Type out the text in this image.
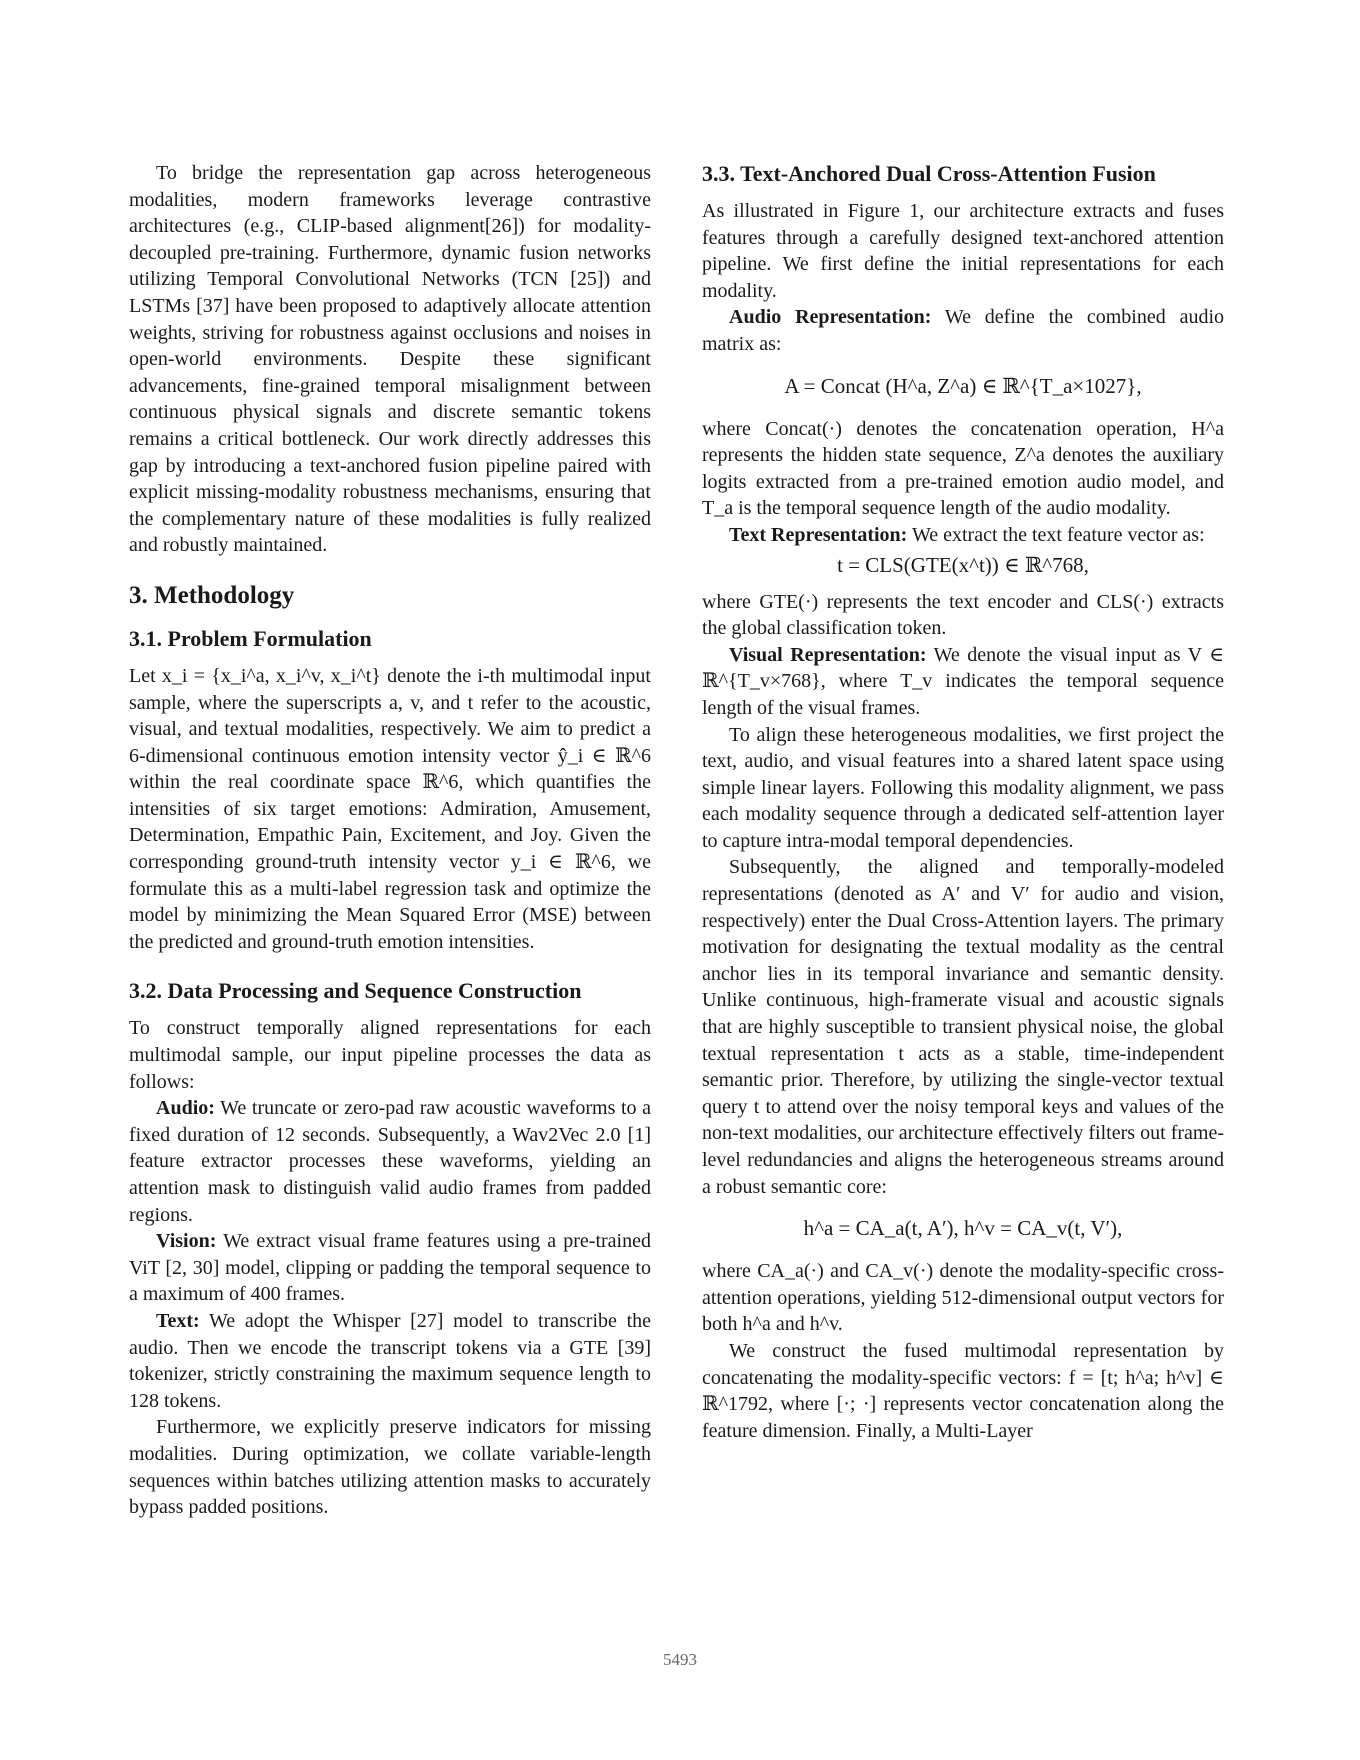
To bridge the representation gap across heterogeneous modalities, modern frameworks leverage contrastive architectures (e.g., CLIP-based alignment[26]) for modality-decoupled pre-training. Furthermore, dynamic fusion networks utilizing Temporal Convolutional Networks (TCN [25]) and LSTMs [37] have been proposed to adaptively allocate attention weights, striving for robustness against occlusions and noises in open-world environments. Despite these significant advancements, fine-grained temporal misalignment between continuous physical signals and discrete semantic tokens remains a critical bottleneck. Our work directly addresses this gap by introducing a text-anchored fusion pipeline paired with explicit missing-modality robustness mechanisms, ensuring that the complementary nature of these modalities is fully realized and robustly maintained.

3. Methodology
3.1. Problem Formulation

Let x_i = {x_i^a, x_i^v, x_i^t} denote the i-th multimodal input sample, where the superscripts a, v, and t refer to the acoustic, visual, and textual modalities, respectively. We aim to predict a 6-dimensional continuous emotion intensity vector ŷ_i ∈ ℝ^6 within the real coordinate space ℝ^6, which quantifies the intensities of six target emotions: Admiration, Amusement, Determination, Empathic Pain, Excitement, and Joy. Given the corresponding ground-truth intensity vector y_i ∈ ℝ^6, we formulate this as a multi-label regression task and optimize the model by minimizing the Mean Squared Error (MSE) between the predicted and ground-truth emotion intensities.

3.2. Data Processing and Sequence Construction

To construct temporally aligned representations for each multimodal sample, our input pipeline processes the data as follows:

Audio: We truncate or zero-pad raw acoustic waveforms to a fixed duration of 12 seconds. Subsequently, a Wav2Vec 2.0 [1] feature extractor processes these waveforms, yielding an attention mask to distinguish valid audio frames from padded regions.

Vision: We extract visual frame features using a pre-trained ViT [2, 30] model, clipping or padding the temporal sequence to a maximum of 400 frames.

Text: We adopt the Whisper [27] model to transcribe the audio. Then we encode the transcript tokens via a GTE [39] tokenizer, strictly constraining the maximum sequence length to 128 tokens.

Furthermore, we explicitly preserve indicators for missing modalities. During optimization, we collate variable-length sequences within batches utilizing attention masks to accurately bypass padded positions.

3.3. Text-Anchored Dual Cross-Attention Fusion

As illustrated in Figure 1, our architecture extracts and fuses features through a carefully designed text-anchored attention pipeline. We first define the initial representations for each modality.

Audio Representation: We define the combined audio matrix as:

A = Concat (H^a, Z^a) ∈ ℝ^{T_a×1027},

where Concat(·) denotes the concatenation operation, H^a represents the hidden state sequence, Z^a denotes the auxiliary logits extracted from a pre-trained emotion audio model, and T_a is the temporal sequence length of the audio modality.

Text Representation: We extract the text feature vector as:

t = CLS(GTE(x^t)) ∈ ℝ^768,

where GTE(·) represents the text encoder and CLS(·) extracts the global classification token.

Visual Representation: We denote the visual input as V ∈ ℝ^{T_v×768}, where T_v indicates the temporal sequence length of the visual frames.

To align these heterogeneous modalities, we first project the text, audio, and visual features into a shared latent space using simple linear layers. Following this modality alignment, we pass each modality sequence through a dedicated self-attention layer to capture intra-modal temporal dependencies.

Subsequently, the aligned and temporally-modeled representations (denoted as A′ and V′ for audio and vision, respectively) enter the Dual Cross-Attention layers. The primary motivation for designating the textual modality as the central anchor lies in its temporal invariance and semantic density. Unlike continuous, high-framerate visual and acoustic signals that are highly susceptible to transient physical noise, the global textual representation t acts as a stable, time-independent semantic prior. Therefore, by utilizing the single-vector textual query t to attend over the noisy temporal keys and values of the non-text modalities, our architecture effectively filters out frame-level redundancies and aligns the heterogeneous streams around a robust semantic core:

h^a = CA_a(t, A′), h^v = CA_v(t, V′),

where CA_a(·) and CA_v(·) denote the modality-specific cross-attention operations, yielding 512-dimensional output vectors for both h^a and h^v.

We construct the fused multimodal representation by concatenating the modality-specific vectors: f = [t; h^a; h^v] ∈ ℝ^1792, where [·; ·] represents vector concatenation along the feature dimension. Finally, a Multi-Layer

5493
